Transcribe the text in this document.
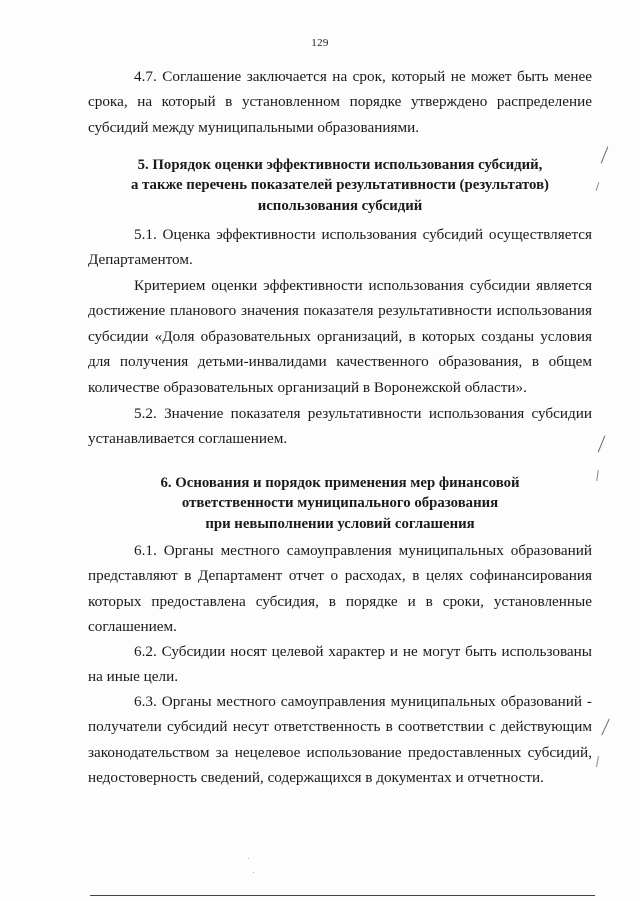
129

4.7. Соглашение заключается на срок, который не может быть менее срока, на который в установленном порядке утверждено распределение субсидий между муниципальными образованиями.

5. Порядок оценки эффективности использования субсидий,
а также перечень показателей результативности (результатов)
использования субсидий

5.1. Оценка эффективности использования субсидий осуществляется Департаментом.

Критерием оценки эффективности использования субсидии является достижение планового значения показателя результативности использования субсидии «Доля образовательных организаций, в которых созданы условия для получения детьми-инвалидами качественного образования, в общем количестве образовательных организаций в Воронежской области».

5.2. Значение показателя результативности использования субсидии устанавливается соглашением.

6. Основания и порядок применения мер финансовой
ответственности муниципального образования
при невыполнении условий соглашения

6.1. Органы местного самоуправления муниципальных образований представляют в Департамент отчет о расходах, в целях софинансирования которых предоставлена субсидия, в порядке и в сроки, установленные соглашением.

6.2. Субсидии носят целевой характер и не могут быть использованы на иные цели.

6.3. Органы местного самоуправления муниципальных образований - получатели субсидий несут ответственность в соответствии с действующим законодательством за нецелевое использование предоставленных субсидий, недостоверность сведений, содержащихся в документах и отчетности.
